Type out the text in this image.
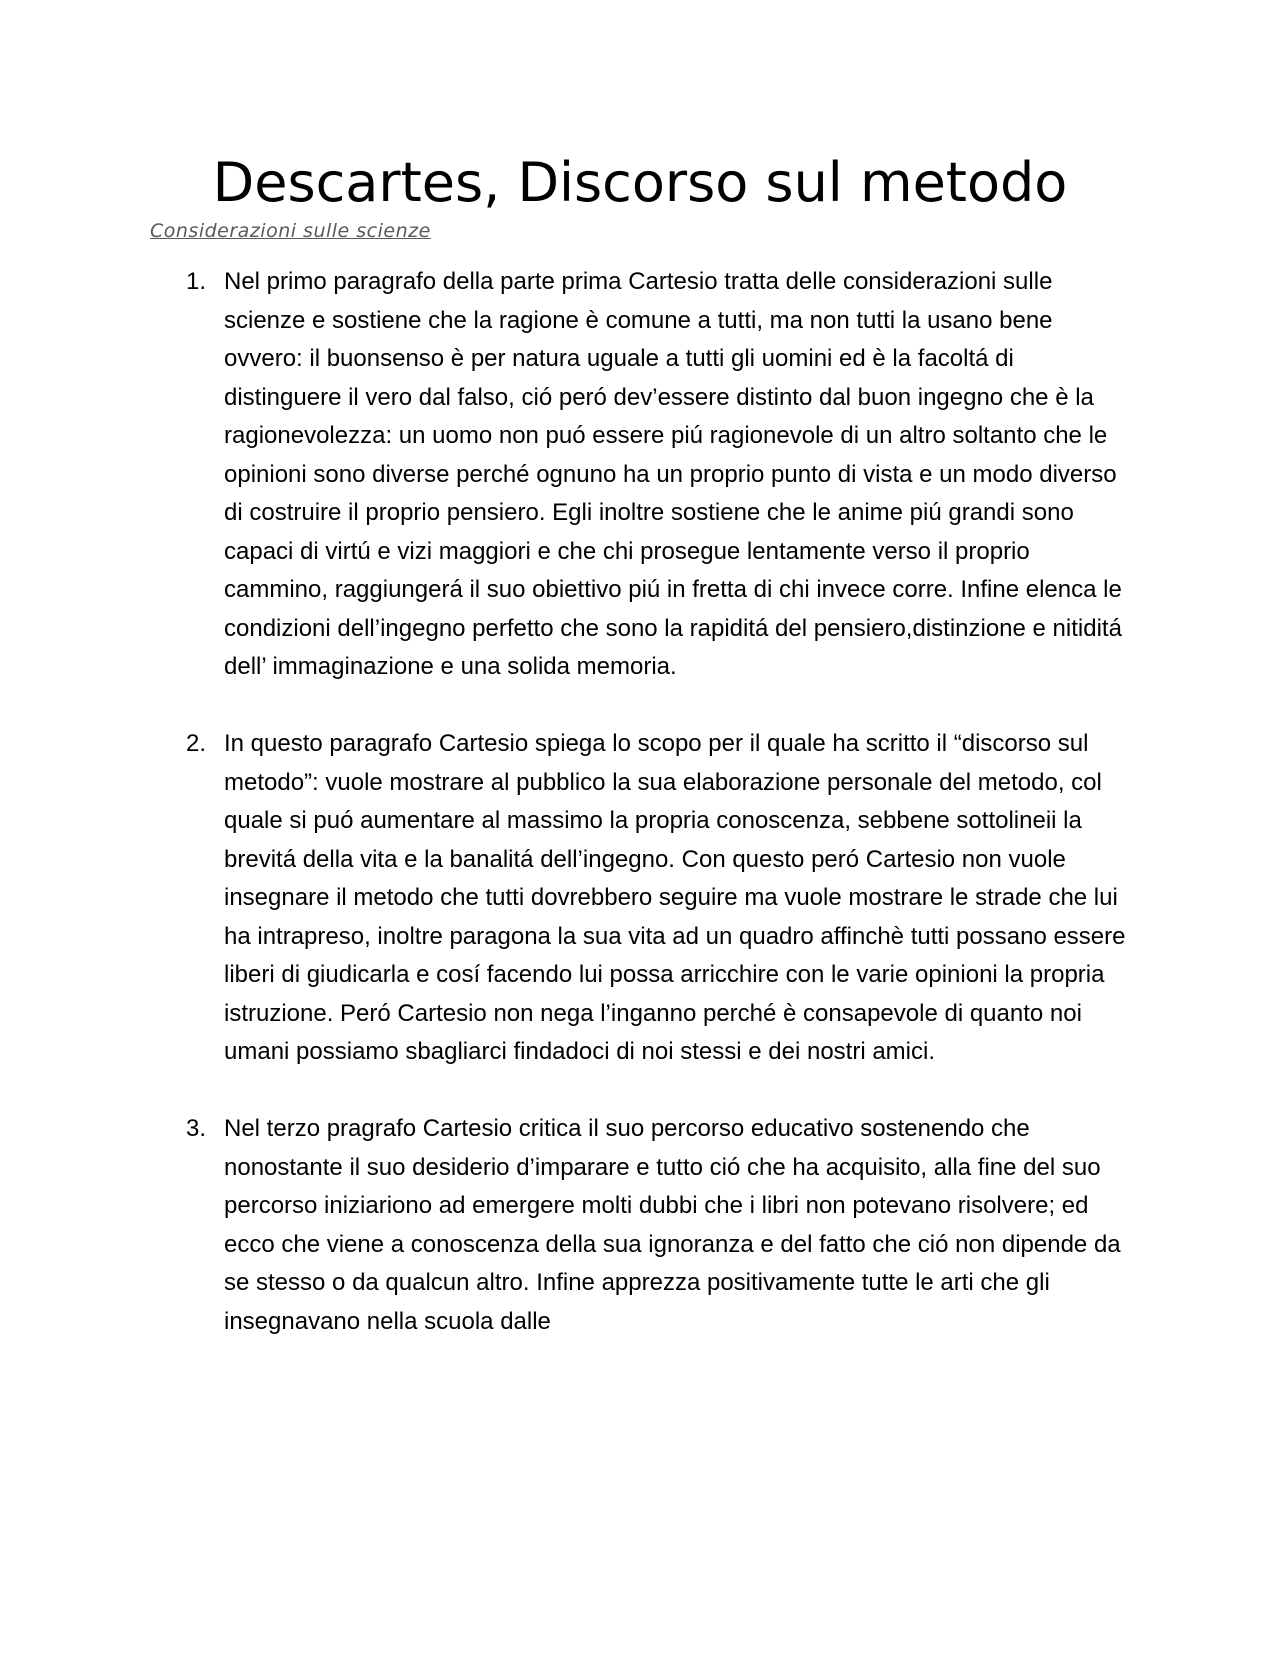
Descartes, Discorso sul metodo
Considerazioni sulle scienze
1. Nel primo paragrafo della parte prima Cartesio tratta delle considerazioni sulle scienze e sostiene che la ragione è comune a tutti, ma non tutti la usano bene ovvero: il buonsenso è per natura uguale a tutti gli uomini ed è la facoltá di distinguere il vero dal falso, ció peró dev’essere distinto dal buon ingegno che è la ragionevolezza: un uomo non puó essere piú ragionevole di un altro soltanto che le opinioni sono diverse perché ognuno ha un proprio punto di vista e un modo diverso di costruire il proprio pensiero. Egli inoltre sostiene che le anime piú grandi sono capaci di virtú e vizi maggiori e che chi prosegue lentamente verso il proprio cammino, raggiungerá il suo obiettivo piú in fretta di chi invece corre. Infine elenca le condizioni dell’ingegno perfetto che sono la rapiditá del pensiero,distinzione e nitiditá dell’ immaginazione e una solida memoria.
2. In questo paragrafo Cartesio spiega lo scopo per il quale ha scritto il “discorso sul metodo”: vuole mostrare al pubblico la sua elaborazione personale del metodo, col quale si puó aumentare al massimo la propria conoscenza, sebbene sottolineii la brevitá della vita e la banalitá dell’ingegno. Con questo peró Cartesio non vuole insegnare il metodo che tutti dovrebbero seguire ma vuole mostrare le strade che lui ha intrapreso, inoltre paragona la sua vita ad un quadro affinchè tutti possano essere liberi di giudicarla e cosí facendo lui possa arricchire con le varie opinioni la propria istruzione. Peró Cartesio non nega l’inganno perché è consapevole di quanto noi umani possiamo sbagliarci findadoci di noi stessi e dei nostri amici.
3. Nel terzo pragrafo Cartesio critica il suo percorso educativo sostenendo che nonostante il suo desiderio d’imparare e tutto ció che ha acquisito, alla fine del suo percorso iniziariono ad emergere molti dubbi che i libri non potevano risolvere; ed ecco che viene a conoscenza della sua ignoranza e del fatto che ció non dipende da se stesso o da qualcun altro. Infine apprezza positivamente tutte le arti che gli insegnavano nella scuola dalle
